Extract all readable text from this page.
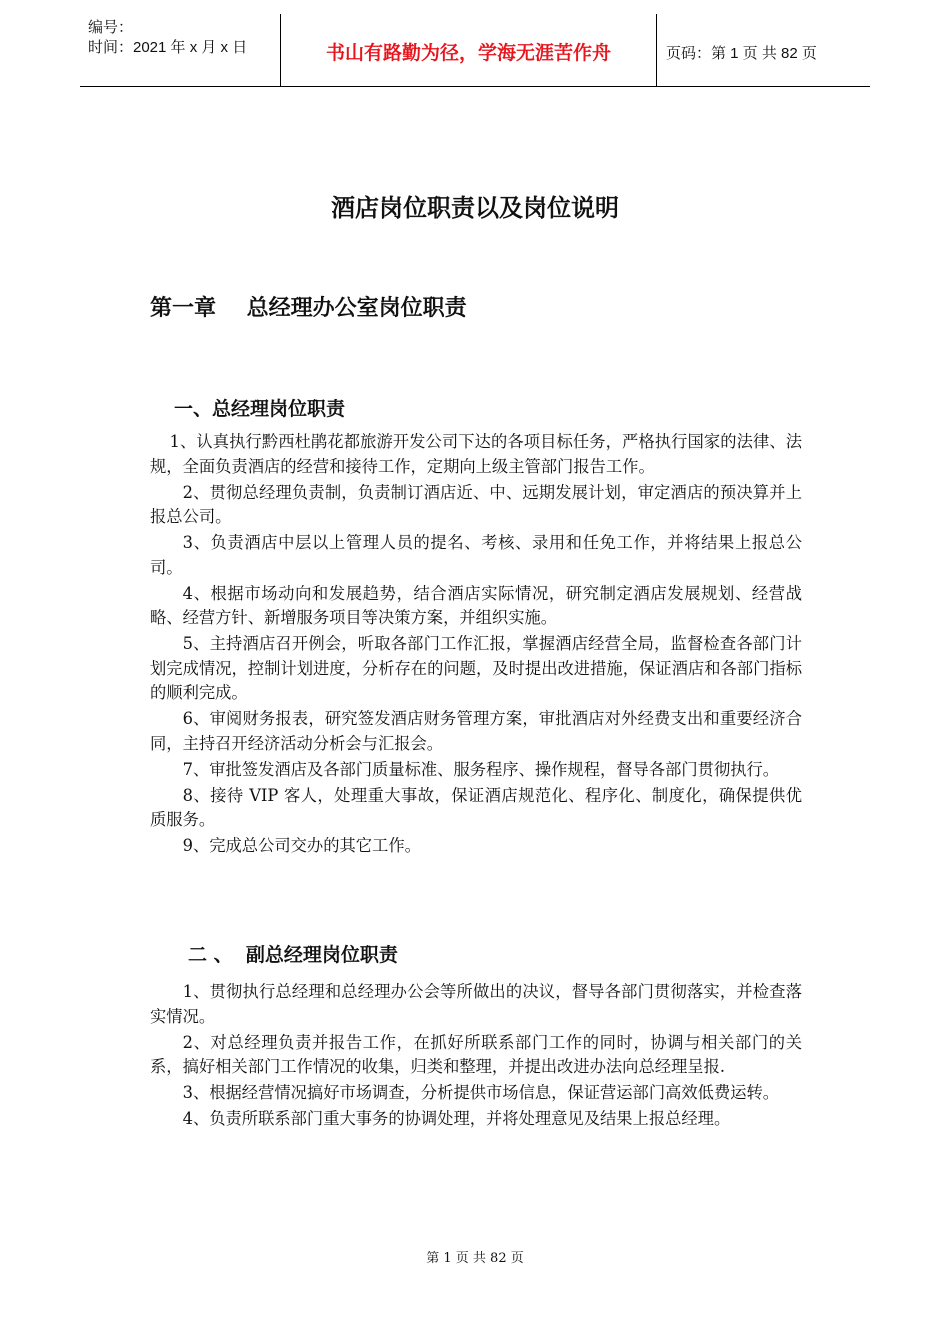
编号：
时间：2021 年 x 月 x 日	书山有路勤为径，学海无涯苦作舟	页码：第 1 页 共 82 页
酒店岗位职责以及岗位说明
第一章    总经理办公室岗位职责
一、总经理岗位职责

1、认真执行黔西杜鹃花都旅游开发公司下达的各项目标任务，严格执行国家的法律、法规，全面负责酒店的经营和接待工作，定期向上级主管部门报告工作。

2、贯彻总经理负责制，负责制订酒店近、中、远期发展计划，审定酒店的预决算并上报总公司。

3、负责酒店中层以上管理人员的提名、考核、录用和任免工作，并将结果上报总公司。

4、根据市场动向和发展趋势，结合酒店实际情况，研究制定酒店发展规划、经营战略、经营方针、新增服务项目等决策方案，并组织实施。

5、主持酒店召开例会，听取各部门工作汇报，掌握酒店经营全局，监督检查各部门计划完成情况，控制计划进度，分析存在的问题，及时提出改进措施，保证酒店和各部门指标的顺利完成。

6、审阅财务报表，研究签发酒店财务管理方案，审批酒店对外经费支出和重要经济合同，主持召开经济活动分析会与汇报会。

7、审批签发酒店及各部门质量标准、服务程序、操作规程，督导各部门贯彻执行。

8、接待 VIP 客人，处理重大事故，保证酒店规范化、程序化、制度化，确保提供优质服务。

9、完成总公司交办的其它工作。

二 、  副总经理岗位职责

1、贯彻执行总经理和总经理办公会等所做出的决议，督导各部门贯彻落实，并检查落实情况。

2、对总经理负责并报告工作，在抓好所联系部门工作的同时，协调与相关部门的关系，搞好相关部门工作情况的收集，归类和整理，并提出改进办法向总经理呈报.

3、根据经营情况搞好市场调查，分析提供市场信息，保证营运部门高效低费运转。

4、负责所联系部门重大事务的协调处理，并将处理意见及结果上报总经理。

第 1 页 共 82 页
